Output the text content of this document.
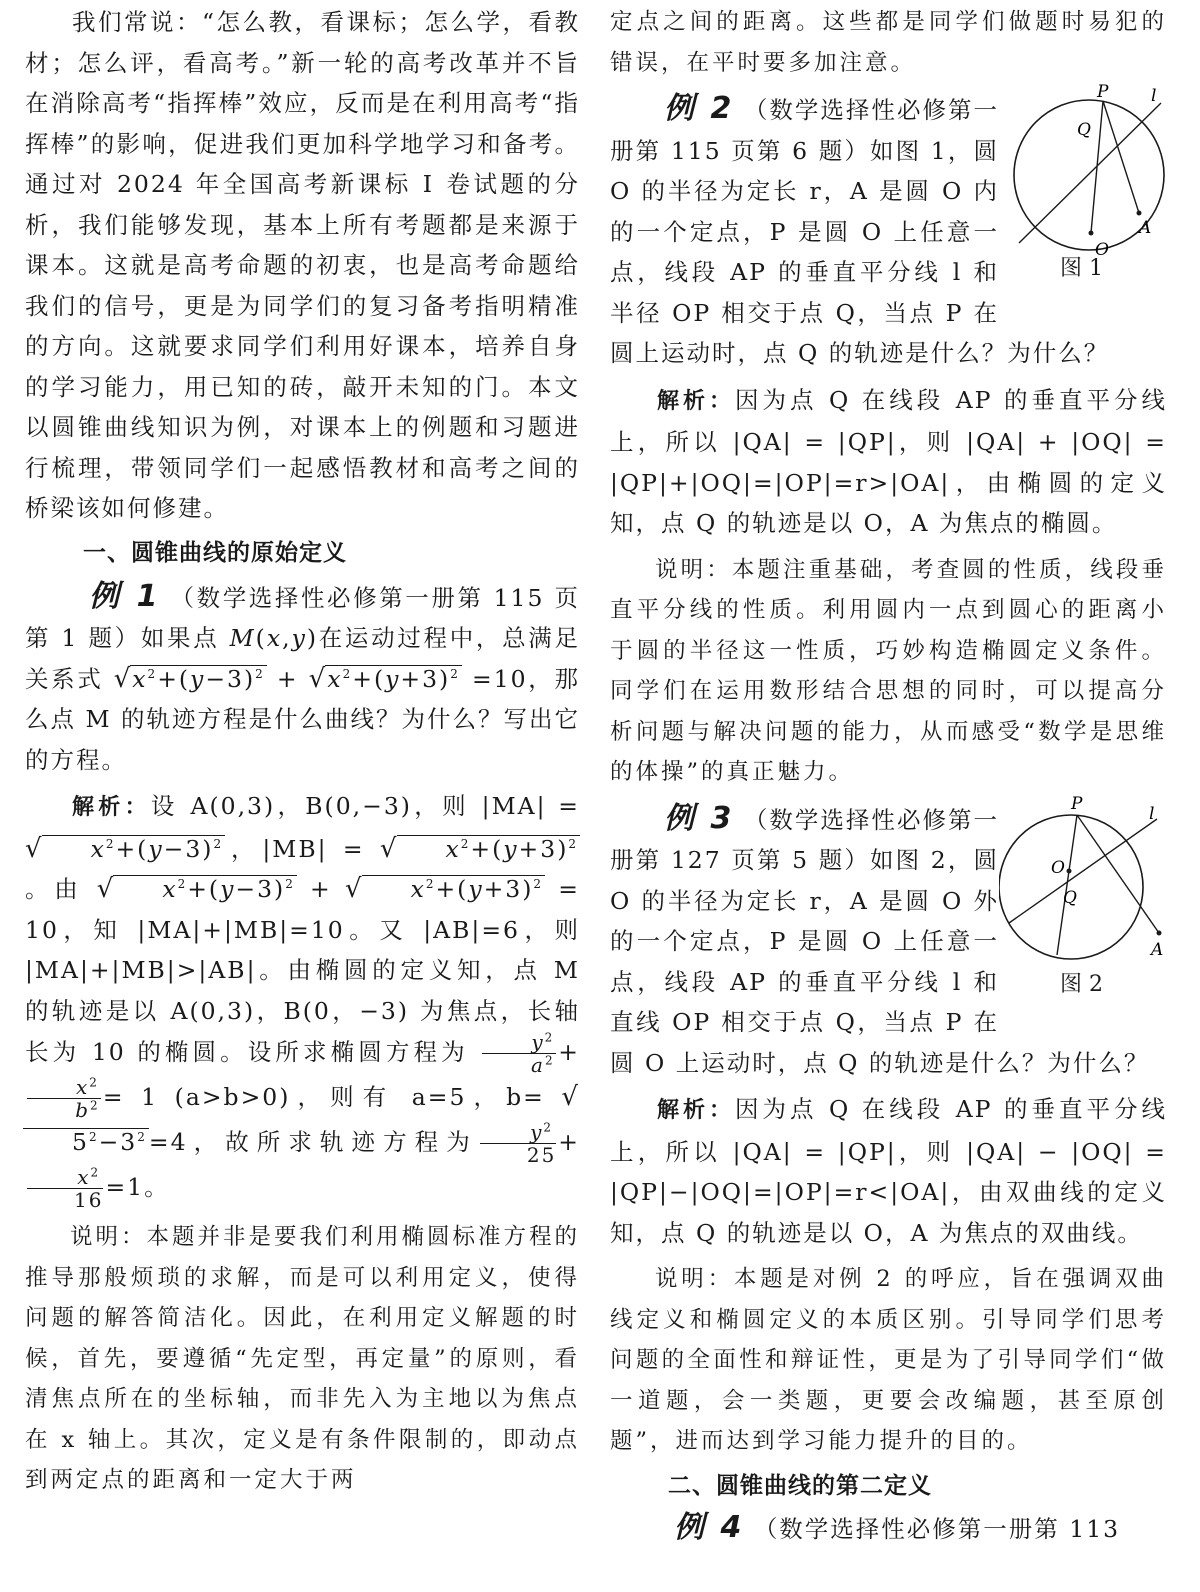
我们常说：“怎么教，看课标；怎么学，看教材；怎么评，看高考。”新一轮的高考改革并不旨在消除高考“指挥棒”效应，反而是在利用高考“指挥棒”的影响，促进我们更加科学地学习和备考。通过对 2024 年全国高考新课标 Ⅰ 卷试题的分析，我们能够发现，基本上所有考题都是来源于课本。这就是高考命题的初衷，也是高考命题给我们的信号，更是为同学们的复习备考指明精准的方向。这就要求同学们利用好课本，培养自身的学习能力，用已知的砖，敲开未知的门。本文以圆锥曲线知识为例，对课本上的例题和习题进行梳理，带领同学们一起感悟教材和高考之间的桥梁该如何修建。

一、圆锥曲线的原始定义

例 1 （数学选择性必修第一册第 115 页第 1 题）如果点 M(x,y)在运动过程中，总满足关系式 $√x^2+(y-3)^2 + √x^2+(y+3)^2 =10$，那么点 M 的轨迹方程是什么曲线？为什么？写出它的方程。
解析：设 A(0,3)，B(0,−3)，则 |MA| = √ $x^2+(y-3)^2$，|MB| = √ $x^2+(y+3)^2$。由 √ $x^2+(y-3)^2$ + √ $x^2+(y+3)^2 = 10$，知 |MA|+|MB|=10。又 |AB|=6，则 |MA|+|MB|>|AB|。由椭圆的定义知，点 M 的轨迹是以 A(0,3)，B(0，−3) 为焦点，长轴长为 10 的椭圆。设所求椭圆方程为 $\frac{y^2}{a^2}$ +
$\frac{x^2}{b^2} = 1$ (a>b>0)，则有 a=5，$b= √5^2-3^2=4$，故所求轨迹方程为 $\frac{y^2}{25}$ +
$\frac{x^2}{16} =1$。

说明：本题并非是要我们利用椭圆标准方程的推导那般烦琐的求解，而是可以利用定义，使得问题的解答简洁化。因此，在利用定义解题的时候，首先，要遵循“先定型，再定量”的原则，看清焦点所在的坐标轴，而非先入为主地以为焦点在 x 轴上。其次，定义是有条件限制的，即动点到两定点的距离和一定大于两

定点之间的距离。这些都是同学们做题时易犯的错误，在平时要多加注意。

例 2 （数学选择性必修第一册第 115 页第 6 题）如图 1，圆 O 的半径为定长 r，A 是圆 O 内的一个定点，P 是圆 O 上任意一点，线段 AP 的垂直平分线 l 和半径 OP 相交于点 Q，当点 P 在圆上运动时，点 Q 的轨迹是什么？为什么？
P
Q
O
A
l
图 1
解析：因为点 Q 在线段 AP 的垂直平分线上，所以 |QA| = |QP|，则 |QA| + |OQ| = |QP|+|OQ|=|OP|=r>|OA|，由椭圆的定义知，点 Q 的轨迹是以 O，A 为焦点的椭圆。

说明：本题注重基础，考查圆的性质，线段垂直平分线的性质。利用圆内一点到圆心的距离小于圆的半径这一性质，巧妙构造椭圆定义条件。同学们在运用数形结合思想的同时，可以提高分析问题与解决问题的能力，从而感受“数学是思维的体操”的真正魅力。

例 3 （数学选择性必修第一册第 127 页第 5 题）如图 2，圆 O 的半径为定长 r，A 是圆 O 外的一个定点，P 是圆 O 上任意一点，线段 AP 的垂直平分线 l 和直线 OP 相交于点 Q，当点 P 在圆 O 上运动时，点 Q 的轨迹是什么？为什么？
P
O
Q
A
l
图 2
解析：因为点 Q 在线段 AP 的垂直平分线上，所以 |QA| = |QP|，则 |QA| − |OQ| = |QP|−|OQ|=|OP|=r<|OA|，由双曲线的定义知，点 Q 的轨迹是以 O，A 为焦点的双曲线。

说明：本题是对例 2 的呼应，旨在强调双曲线定义和椭圆定义的本质区别。引导同学们思考问题的全面性和辩证性，更是为了引导同学们“做一道题，会一类题，更要会改编题，甚至原创题”，进而达到学习能力提升的目的。

二、圆锥曲线的第二定义

例 4 （数学选择性必修第一册第 113
